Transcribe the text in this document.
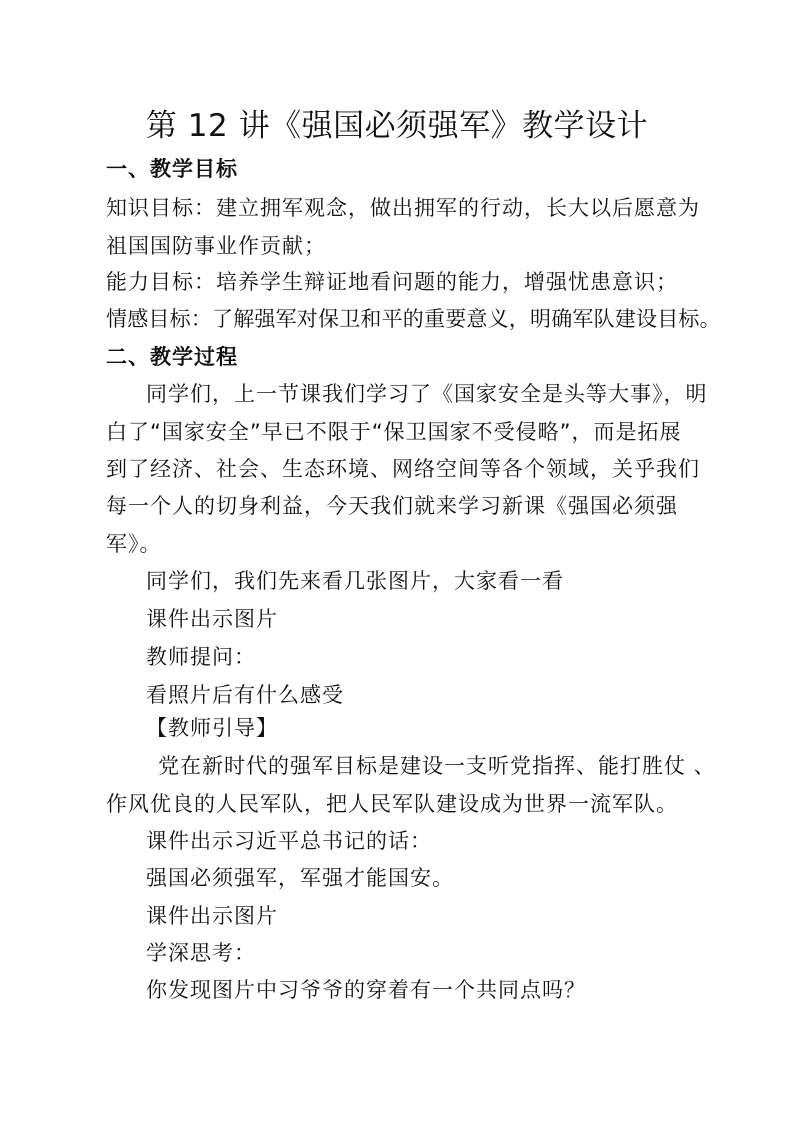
第 12 讲《强国必须强军》教学设计
一、教学目标
知识目标：建立拥军观念，做出拥军的行动，长大以后愿意为
祖国国防事业作贡献；
能力目标：培养学生辩证地看问题的能力，增强忧患意识；
情感目标：了解强军对保卫和平的重要意义，明确军队建设目标。
二、教学过程
同学们，上一节课我们学习了《国家安全是头等大事》，明
白了“国家安全”早已不限于“保卫国家不受侵略”，而是拓展
到了经济、社会、生态环境、网络空间等各个领域，关乎我们
每一个人的切身利益，今天我们就来学习新课《强国必须强
军》。
同学们，我们先来看几张图片，大家看一看
课件出示图片
教师提问：
看照片后有什么感受
【教师引导】
党在新时代的强军目标是建设一支听党指挥、能打胜仗 、
作风优良的人民军队，把人民军队建设成为世界一流军队。
课件出示习近平总书记的话：
强国必须强军，军强才能国安。
课件出示图片
学深思考：
你发现图片中习爷爷的穿着有一个共同点吗？
